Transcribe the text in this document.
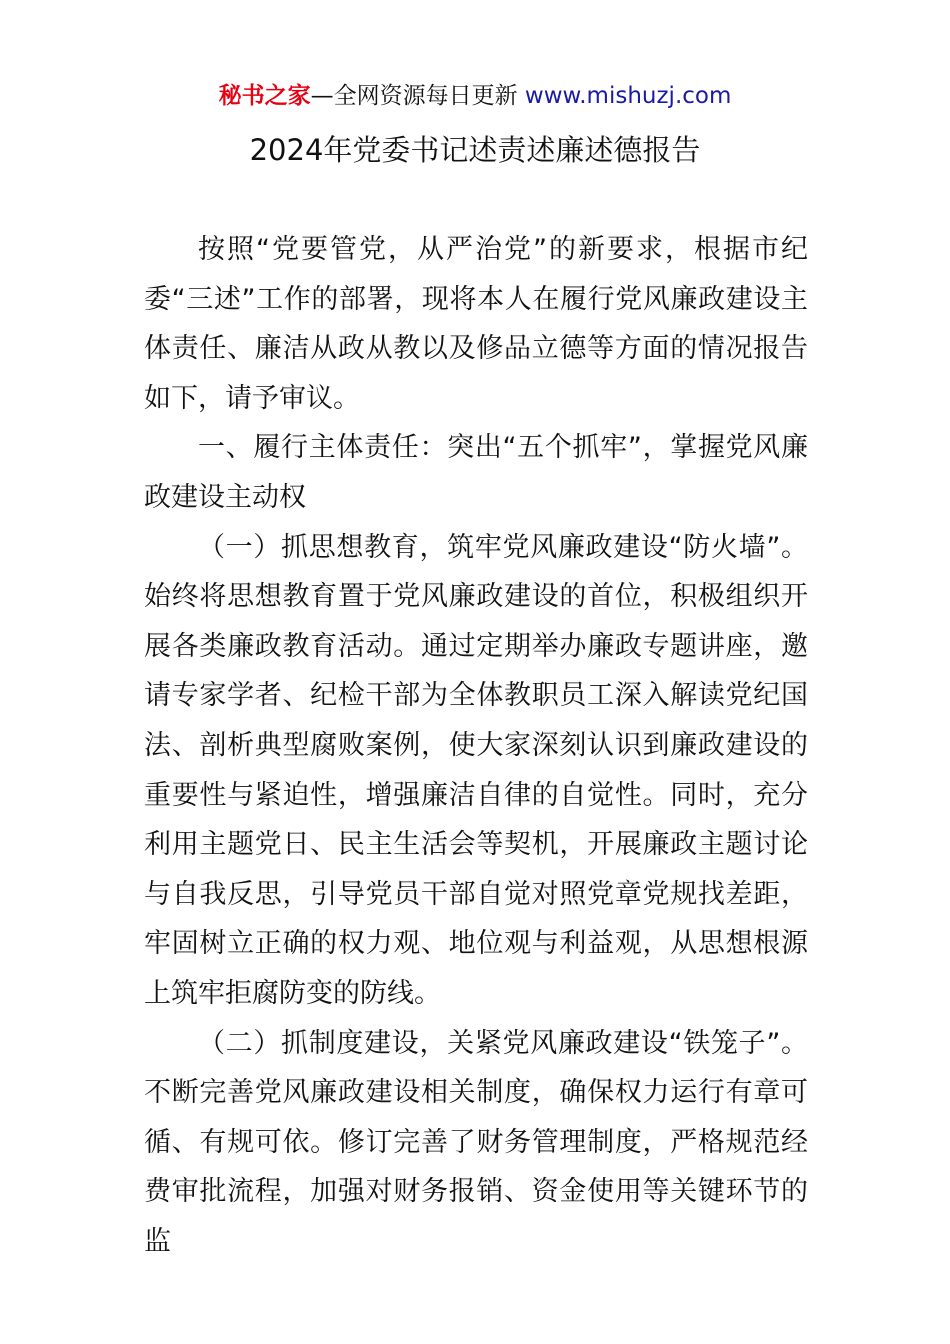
秘书之家—全网资源每日更新 www.mishuzj.com
2024年党委书记述责述廉述德报告

按照“党要管党，从严治党”的新要求，根据市纪委“三述”工作的部署，现将本人在履行党风廉政建设主体责任、廉洁从政从教以及修品立德等方面的情况报告如下，请予审议。

一、履行主体责任：突出“五个抓牢”，掌握党风廉政建设主动权

（一）抓思想教育，筑牢党风廉政建设“防火墙”。始终将思想教育置于党风廉政建设的首位，积极组织开展各类廉政教育活动。通过定期举办廉政专题讲座，邀请专家学者、纪检干部为全体教职员工深入解读党纪国法、剖析典型腐败案例，使大家深刻认识到廉政建设的重要性与紧迫性，增强廉洁自律的自觉性。同时，充分利用主题党日、民主生活会等契机，开展廉政主题讨论与自我反思，引导党员干部自觉对照党章党规找差距，牢固树立正确的权力观、地位观与利益观，从思想根源上筑牢拒腐防变的防线。

（二）抓制度建设，关紧党风廉政建设“铁笼子”。不断完善党风廉政建设相关制度，确保权力运行有章可循、有规可依。修订完善了财务管理制度，严格规范经费审批流程，加强对财务报销、资金使用等关键环节的监
